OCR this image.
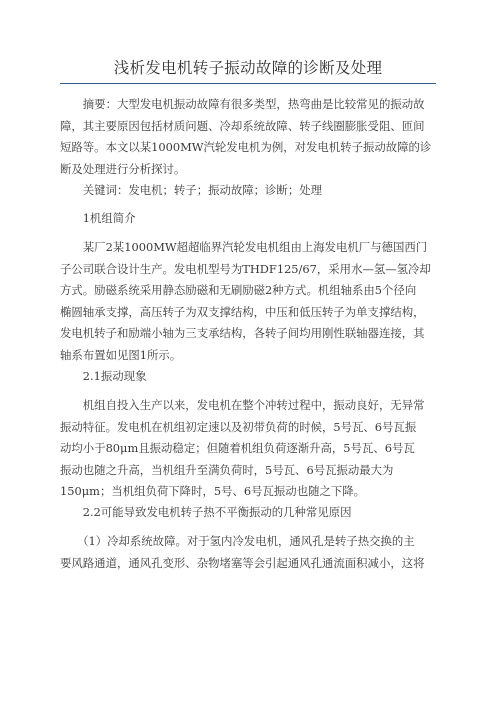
浅析发电机转子振动故障的诊断及处理
　　摘要：大型发电机振动故障有很多类型，热弯曲是比较常见的振动故
障，其主要原因包括材质问题、冷却系统故障、转子线圈膨胀受阻、匝间
短路等。本文以某1000MW汽轮发电机为例，对发电机转子振动故障的诊
断及处理进行分析探讨。
　　关键词：发电机；转子；振动故障；诊断；处理
　　1机组简介
　　某厂2某1000MW超超临界汽轮发电机组由上海发电机厂与德国西门
子公司联合设计生产。发电机型号为THDF125/67，采用水—氢—氢冷却
方式。励磁系统采用静态励磁和无刷励磁2种方式。机组轴系由5个径向
椭圆轴承支撑，高压转子为双支撑结构，中压和低压转子为单支撑结构，
发电机转子和励端小轴为三支承结构，各转子间均用刚性联轴器连接，其
轴系布置如见图1所示。
　　2.1振动现象
　　机组自投入生产以来，发电机在整个冲转过程中，振动良好，无异常
振动特征。发电机在机组初定速以及初带负荷的时候，5号瓦、6号瓦振
动均小于80μm且振动稳定；但随着机组负荷逐渐升高，5号瓦、6号瓦
振动也随之升高，当机组升至满负荷时，5号瓦、6号瓦振动最大为
150μm；当机组负荷下降时，5号、6号瓦振动也随之下降。
　　2.2可能导致发电机转子热不平衡振动的几种常见原因
　　（1）冷却系统故障。对于氢内冷发电机，通风孔是转子热交换的主
要风路通道，通风孔变形、杂物堵塞等会引起通风孔通流面积减小，这将
